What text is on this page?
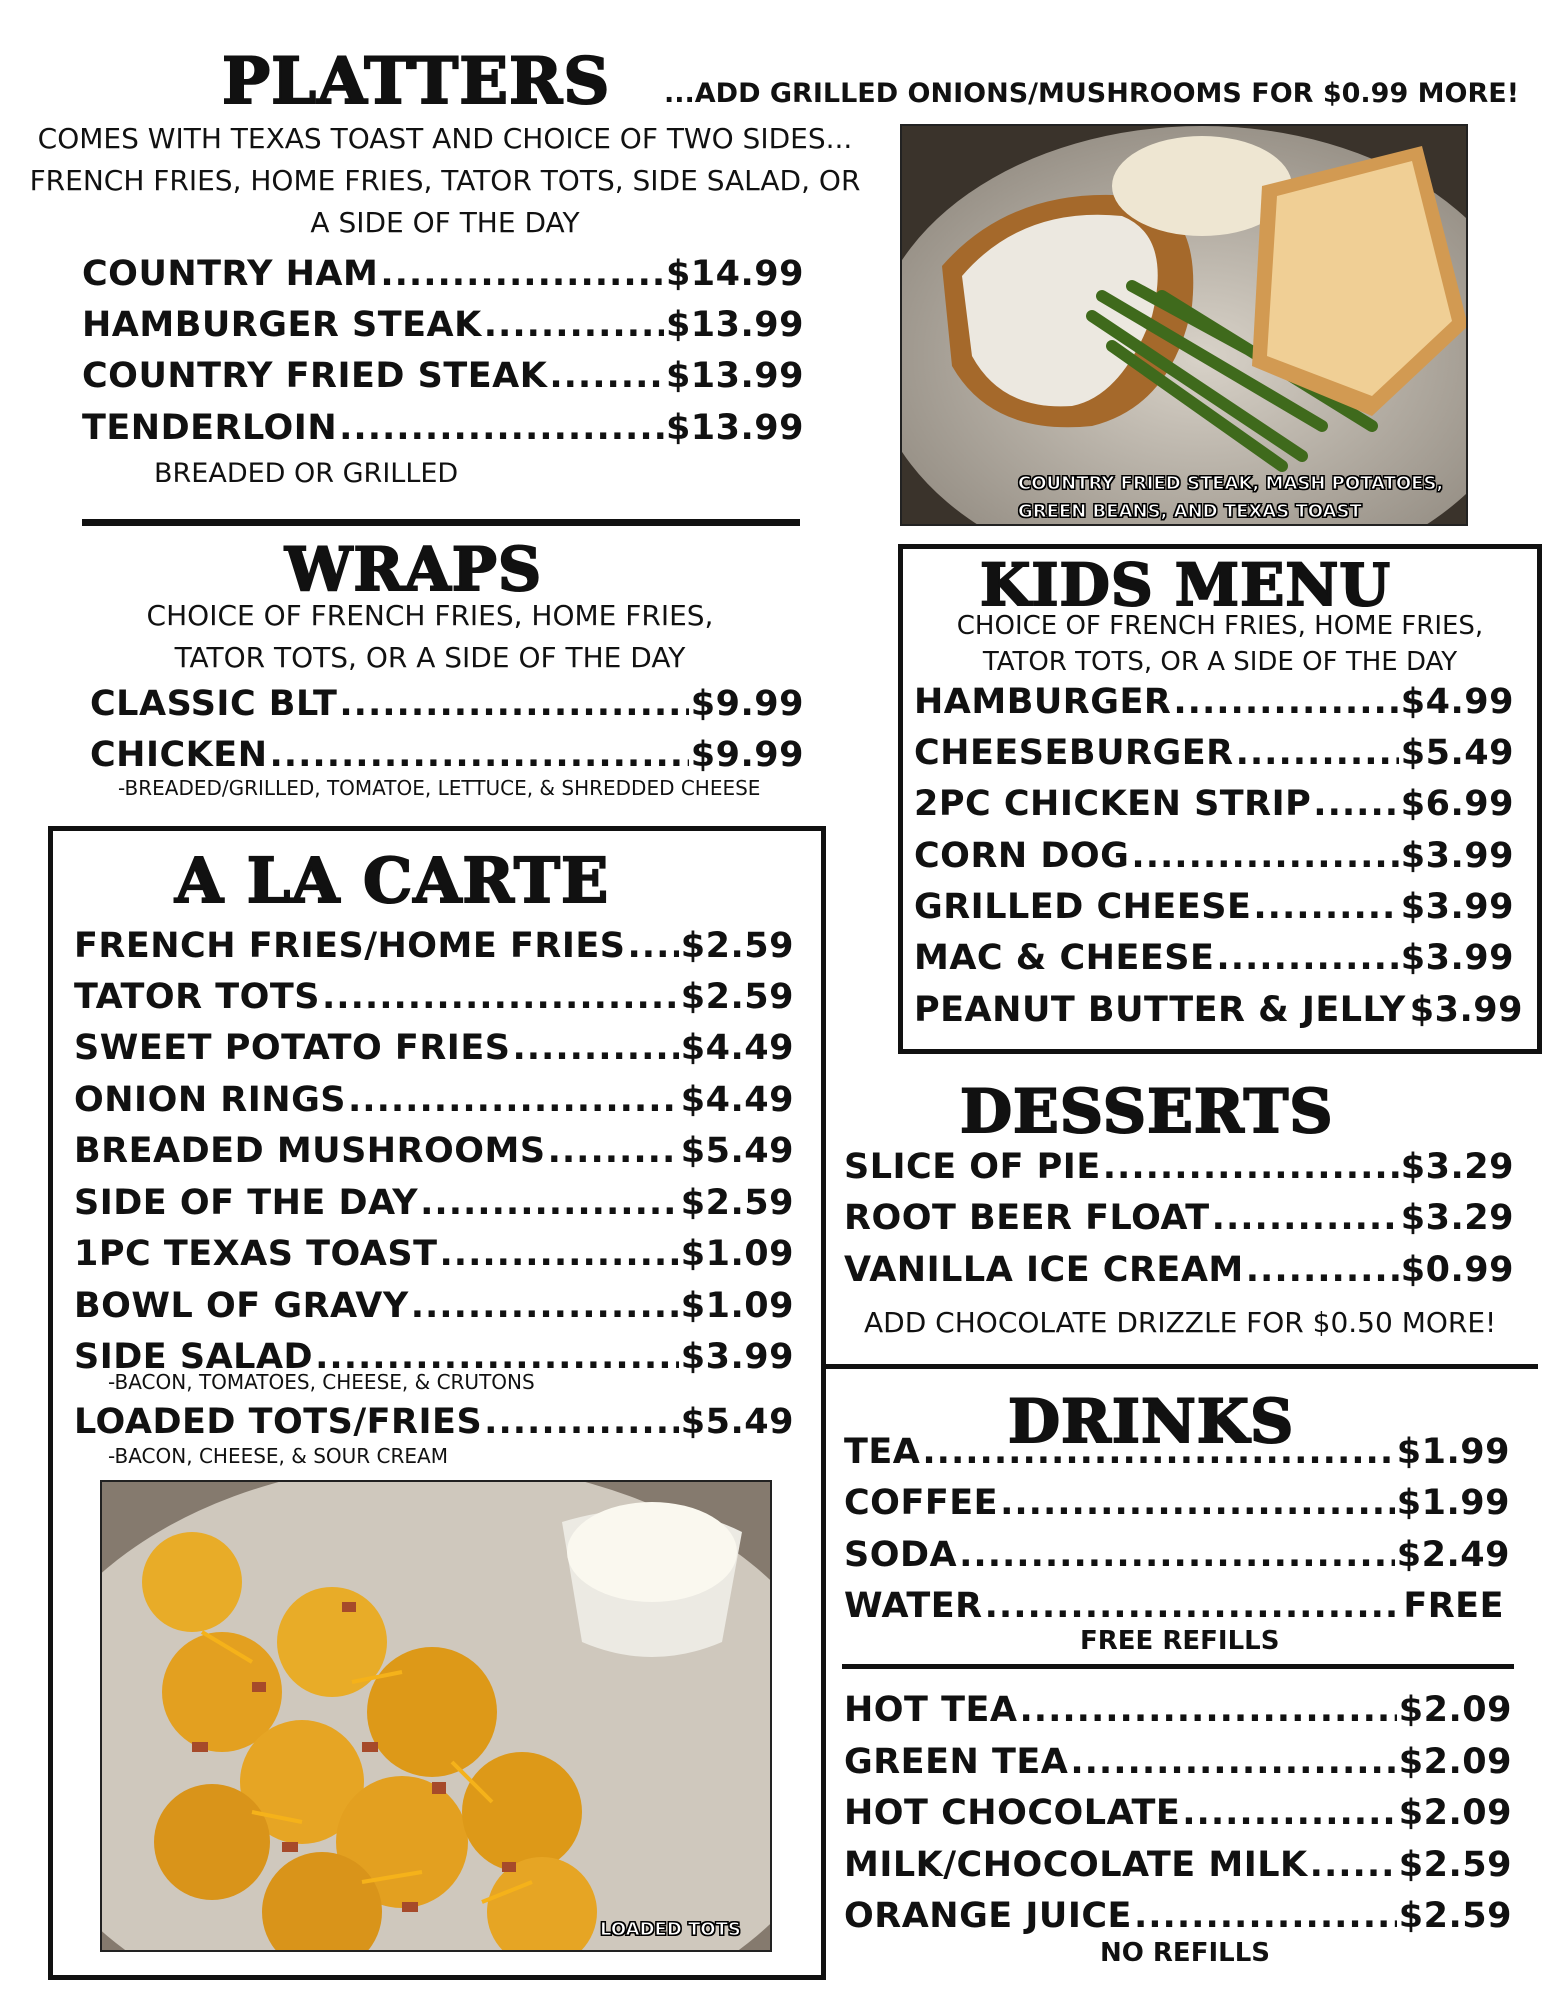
PLATTERS ...ADD GRILLED ONIONS/MUSHROOMS FOR $0.99 MORE!
COMES WITH TEXAS TOAST AND CHOICE OF TWO SIDES...
FRENCH FRIES, HOME FRIES, TATOR TOTS, SIDE SALAD, OR
A SIDE OF THE DAY
COUNTRY HAM .....	$14.99
HAMBURGER STEAK .....	$13.99
COUNTRY FRIED STEAK .....	$13.99
TENDERLOIN .....	$13.99
BREADED OR GRILLED	COUNTRY FRIED STEAK, MASH POTATOES,
GREEN BEANS, AND TEXAS TOAST
WRAPS
CHOICE OF FRENCH FRIES, HOME FRIES,
TATOR TOTS, OR A SIDE OF THE DAY
CLASSIC BLT .....	$9.99
CHICKEN .....	$9.99
-BREADED/GRILLED, TOMATOE, LETTUCE, & SHREDDED CHEESE
KIDS MENU
CHOICE OF FRENCH FRIES, HOME FRIES,
TATOR TOTS, OR A SIDE OF THE DAY
HAMBURGER .....	$4.99
CHEESEBURGER .....	$5.49
2PC CHICKEN STRIP .....	$6.99
CORN DOG .....	$3.99
GRILLED CHEESE .....	$3.99
MAC & CHEESE .....	$3.99
PEANUT BUTTER & JELLY $3.99
A LA CARTE
FRENCH FRIES/HOME FRIES ..... $2.59
TATOR TOTS .....	$2.59
SWEET POTATO FRIES .....	$4.49
ONION RINGS .....	$4.49
BREADED MUSHROOMS .....	$5.49
SIDE OF THE DAY .....	$2.59
1PC TEXAS TOAST .....	$1.09
BOWL OF GRAVY .....	$1.09
SIDE SALAD .....	$3.99
-BACON, TOMATOES, CHEESE, & CRUTONS
LOADED TOTS/FRIES .....	$5.49
-BACON, CHEESE, & SOUR CREAM
LOADED TOTS
DESSERTS
SLICE OF PIE .....	$3.29
ROOT BEER FLOAT .....	$3.29
VANILLA ICE CREAM .....	$0.99
ADD CHOCOLATE DRIZZLE FOR $0.50 MORE!
DRINKS
TEA .....	$1.99
COFFEE .....	$1.99
SODA .....	$2.49
WATER .....	FREE
FREE REFILLS
HOT TEA .....	$2.09
GREEN TEA .....	$2.09
HOT CHOCOLATE .....	$2.09
MILK/CHOCOLATE MILK .....	$2.59
ORANGE JUICE .....	$2.59
NO REFILLS
